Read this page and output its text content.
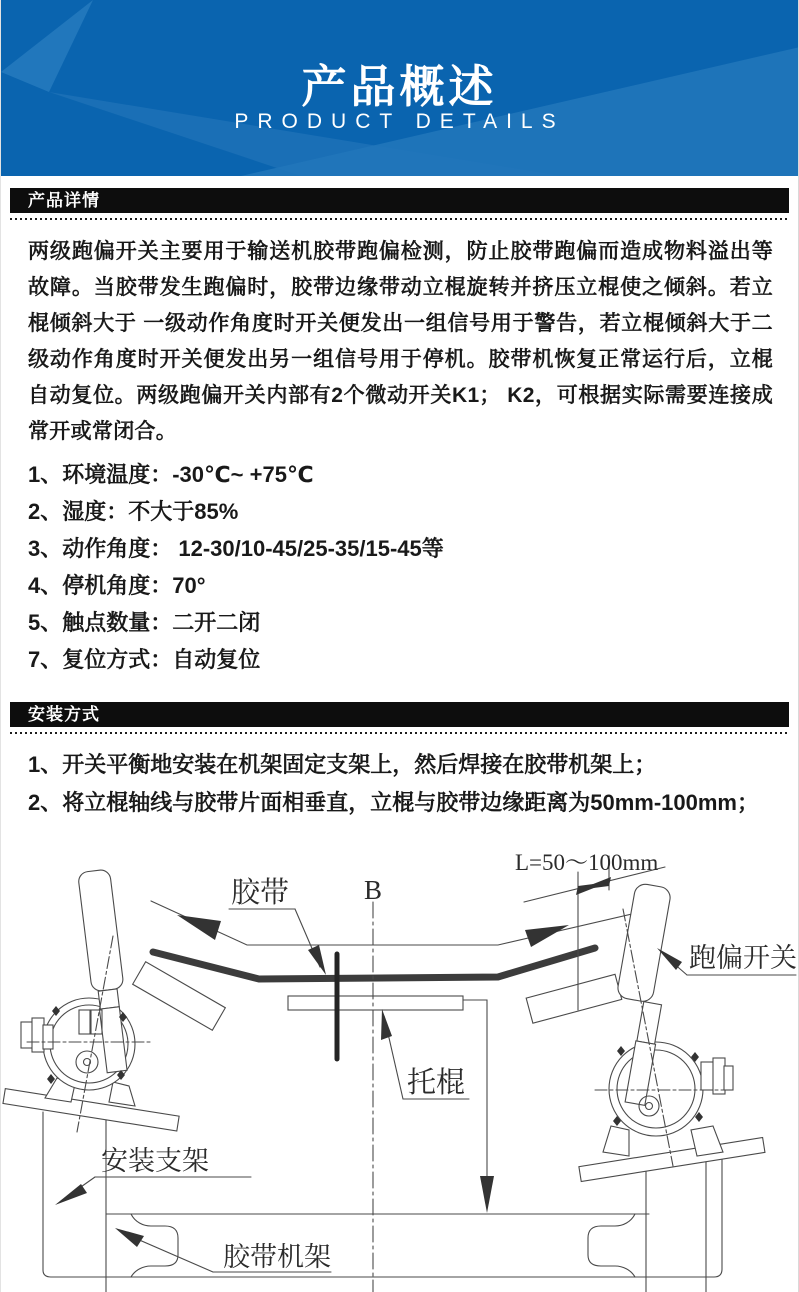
产品概述
PRODUCT DETAILS
产品详情

两级跑偏开关主要用于输送机胶带跑偏检测，防止胶带跑偏而造成物料溢出等故障。当胶带发生跑偏时，胶带边缘带动立棍旋转并挤压立棍使之倾斜。若立棍倾斜大于 一级动作角度时开关便发出一组信号用于警告，若立棍倾斜大于二级动作角度时开关便发出另一组信号用于停机。胶带机恢复正常运行后，立棍自动复位。两级跑偏开关内部有2个微动开关K1； K2，可根据实际需要连接成常开或常闭合。

1、环境温度：-30℃~ +75℃
2、湿度：不大于85%
3、动作角度： 12-30/10-45/25-35/15-45等
4、停机角度：70°
5、触点数量：二开二闭
7、复位方式：自动复位
安装方式
1、开关平衡地安装在机架固定支架上，然后焊接在胶带机架上；
2、将立棍轴线与胶带片面相垂直，立棍与胶带边缘距离为50mm-100mm；
胶带	B
L=50～100mm
跑偏开关
托棍
安装支架
胶带机架
